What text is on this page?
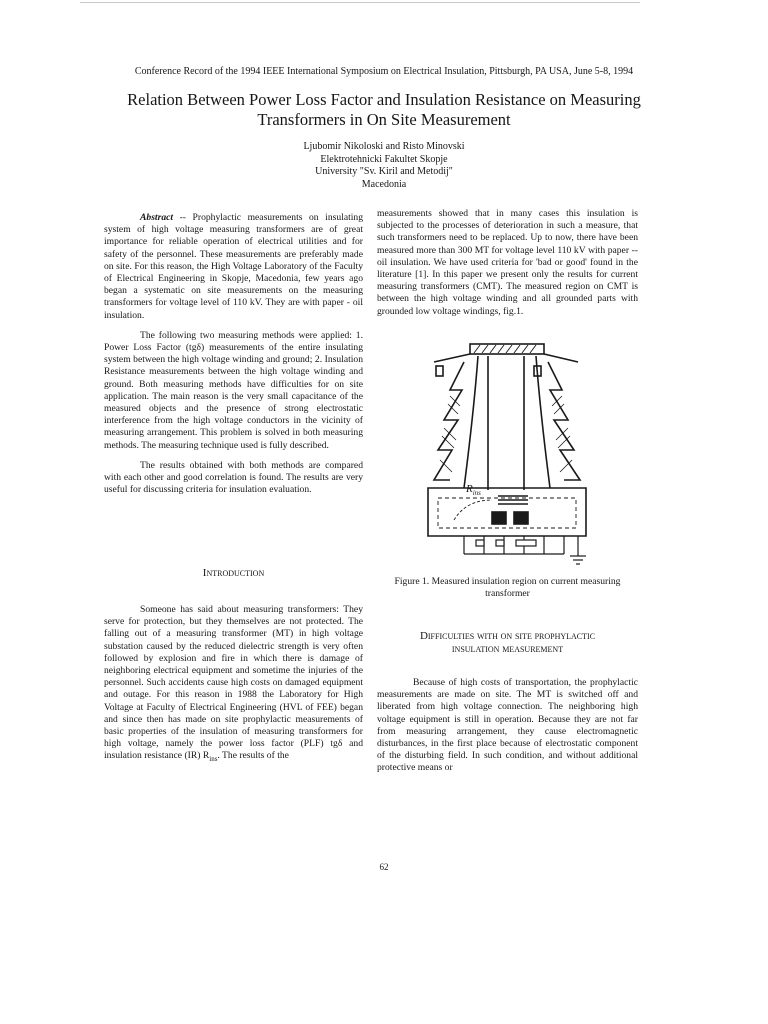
Conference Record of the 1994 IEEE International Symposium on Electrical Insulation, Pittsburgh, PA USA, June 5-8, 1994
Relation Between Power Loss Factor and Insulation Resistance on Measuring
Transformers in On Site Measurement
Ljubomir Nikoloski and Risto Minovski
Elektrotehnicki Fakultet Skopje
University "Sv. Kiril and Metodij"
Macedonia

Abstract -- Prophylactic measurements on insulating system of high voltage measuring transformers are of great importance for reliable operation of electrical utilities and for safety of the personnel. These measurements are preferably made on site. For this reason, the High Voltage Laboratory of the Faculty of Electrical Engineering in Skopje, Macedonia, few years ago began a systematic on site measurements on the measuring transformers for voltage level of 110 kV. They are with paper - oil insulation.

The following two measuring methods were applied: 1. Power Loss Factor (tgδ) measurements of the entire insulating system between the high voltage winding and ground; 2. Insulation Resistance measurements between the high voltage winding and ground. Both measuring methods have difficulties for on site application. The main reason is the very small capacitance of the measured objects and the presence of strong electrostatic interference from the high voltage conductors in the vicinity of measuring arrangement. This problem is solved in both measuring methods. The measuring technique used is fully described.

The results obtained with both methods are compared with each other and good correlation is found. The results are very useful for discussing criteria for insulation evaluation.

Introduction

Someone has said about measuring transformers: They serve for protection, but they themselves are not protected. The falling out of a measuring transformer (MT) in high voltage substation caused by the reduced dielectric strength is very often followed by explosion and fire in which there is damage of neighboring electrical equipment and sometime the injuries of the personnel. Such accidents cause high costs on damaged equipment and outage. For this reason in 1988 the Laboratory for High Voltage at Faculty of Electrical Engineering (HVL of FEE) began and since then has made on site prophylactic measurements of basic properties of the insulation of measuring transformers for high voltage, namely the power loss factor (PLF) tgδ and insulation resistance (IR) $R_{ins}$. The results of the

measurements showed that in many cases this insulation is subjected to the processes of deterioration in such a measure, that such transformers need to be replaced. Up to now, there have been measured more than 300 MT for voltage level 110 kV with paper -- oil insulation. We have used criteria for 'bad or good' found in the literature [1]. In this paper we present only the results for current measuring transformers (CMT). The measured region on CMT is between the high voltage winding and all grounded parts with grounded low voltage windings, fig.1.

$R_{ins}$
Figure 1. Measured insulation region on current measuring transformer
Difficulties with on site prophylactic
insulation measurement

Because of high costs of transportation, the prophylactic measurements are made on site. The MT is switched off and liberated from high voltage connection. The neighboring high voltage equipment is still in operation. Because they are not far from measuring arrangement, they cause electromagnetic disturbances, in the first place because of electrostatic component of the disturbing field. In such condition, and without additional protective means or

62
